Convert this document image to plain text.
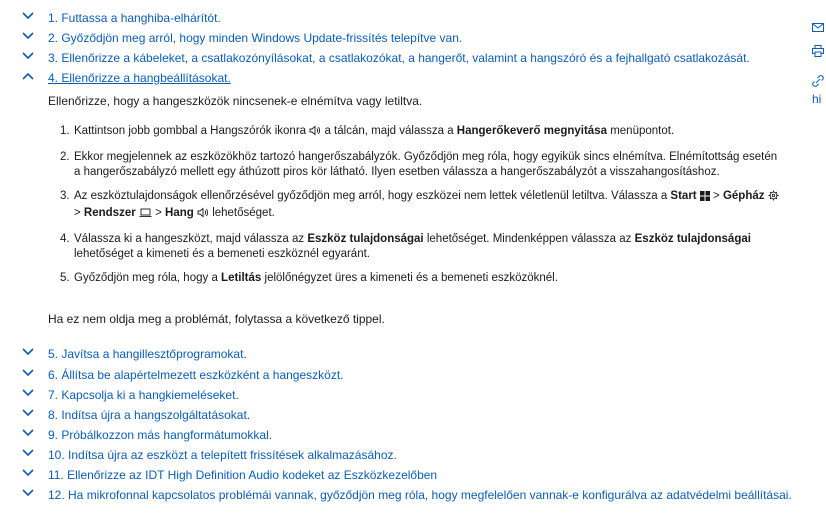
1. Futtassa a hanghiba-elhárítót.
2. Győződjön meg arról, hogy minden Windows Update-frissítés telepítve van.
3. Ellenőrizze a kábeleket, a csatlakozónyílásokat, a csatlakozókat, a hangerőt, valamint a hangszóró és a fejhallgató csatlakozását.
4. Ellenőrizze a hangbeállításokat.
Ellenőrizze, hogy a hangeszközök nincsenek-e elnémítva vagy letiltva.
1. Kattintson jobb gombbal a Hangszórók ikonra a tálcán, majd válassza a Hangerőkeverő megnyitása menüpontot.
2. Ekkor megjelennek az eszközökhöz tartozó hangerőszabályzók. Győződjön meg róla, hogy egyikük sincs elnémítva. Elnémítottság esetén a hangerőszabályzó mellett egy áthúzott piros kör látható. Ilyen esetben válassza a hangerőszabályzót a visszahangosításhoz.
3. Az eszköztulajdonságok ellenőrzésével győződjön meg arról, hogy eszközei nem lettek véletlenül letiltva. Válassza a Start > Gépház  > Rendszer > Hang lehetőséget.
4. Válassza ki a hangeszközt, majd válassza az Eszköz tulajdonságai lehetőséget. Mindenképpen válassza az Eszköz tulajdonságai lehetőséget a kimeneti és a bemeneti eszköznél egyaránt.
5. Győződjön meg róla, hogy a Letiltás jelölőnégyzet üres a kimeneti és a bemeneti eszközöknél.
Ha ez nem oldja meg a problémát, folytassa a következő tippel.
5. Javítsa a hangillesztőprogramokat.
6. Állítsa be alapértelmezett eszközként a hangeszközt.
7. Kapcsolja ki a hangkiemeléseket.
8. Indítsa újra a hangszolgáltatásokat.
9. Próbálkozzon más hangformátumokkal.
10. Indítsa újra az eszközt a telepített frissítések alkalmazásához.
11. Ellenőrizze az IDT High Definition Audio kodeket az Eszközkezelőben
12. Ha mikrofonnal kapcsolatos problémái vannak, győződjön meg róla, hogy megfelelően vannak-e konfigurálva az adatvédelmi beállításai.
hi
